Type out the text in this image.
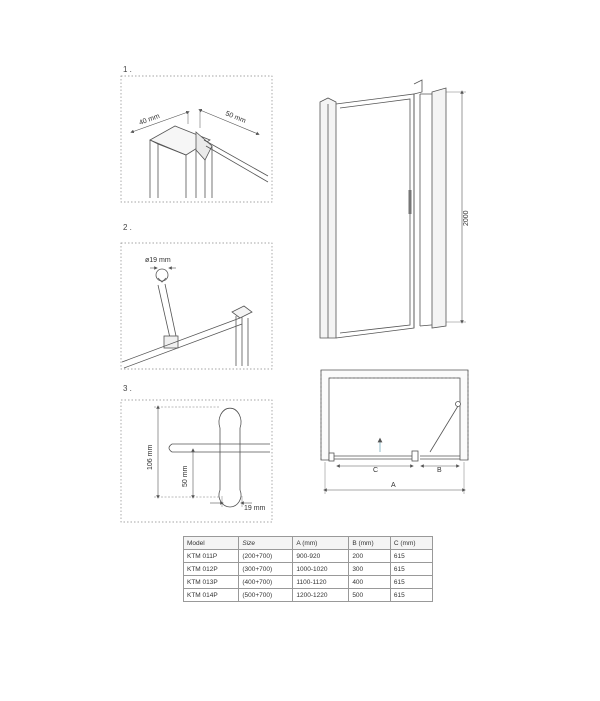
40 mm	50 mm
ø19 mm
106 mm
50 mm
19 mm
2000
C	B
A
1 .
2 .
3 .
Model	Size	A (mm)	B (mm)	C (mm)
KTM 011P	(200+700)	900-920	200	615
KTM 012P	(300+700)	1000-1020	300	615
KTM 013P	(400+700)	1100-1120	400	615
KTM 014P	(500+700)	1200-1220	500	615
